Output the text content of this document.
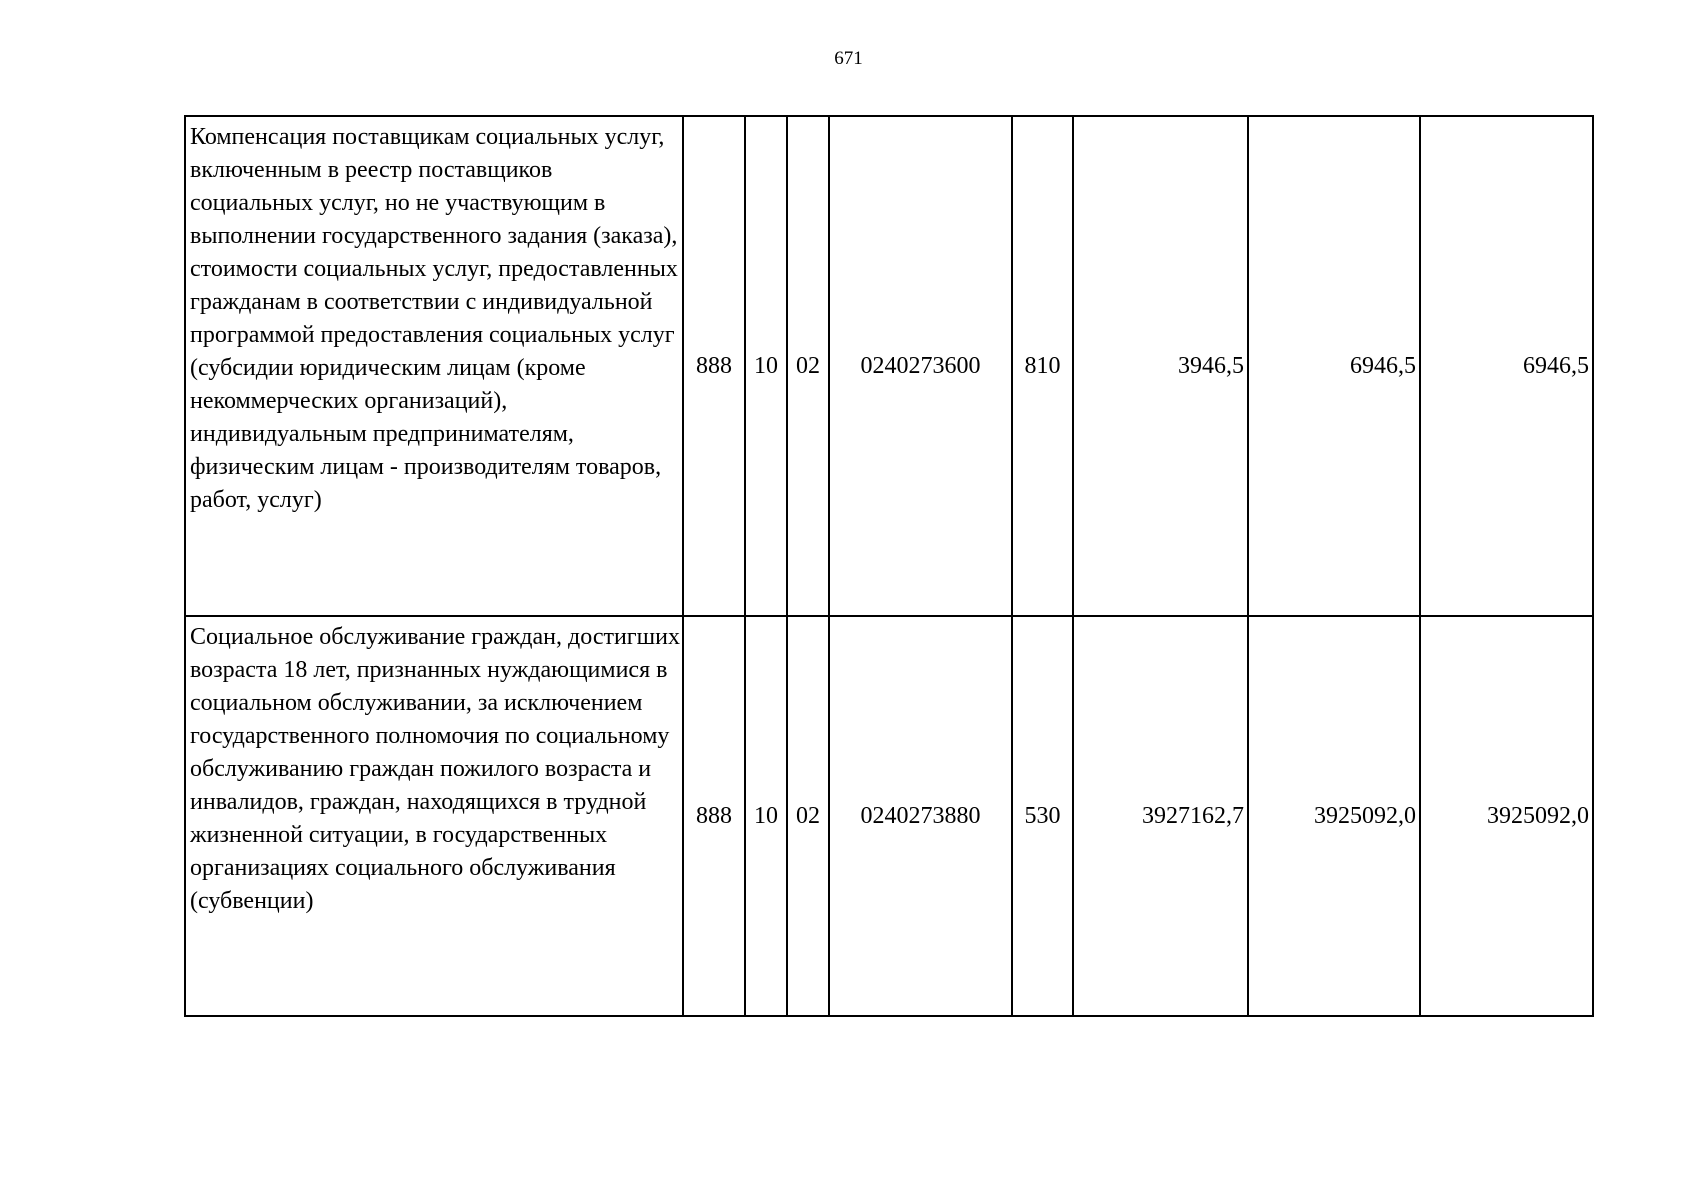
671
Компенсация поставщикам социальных услуг, включенным в реестр поставщиков социальных услуг, но не участвующим в выполнении государственного задания (заказа), стоимости социальных услуг, предоставленных гражданам в соответствии с индивидуальной программой предоставления социальных услуг (субсидии юридическим лицам (кроме некоммерческих организаций), индивидуальным предпринимателям, физическим лицам - производителям товаров, работ, услуг)	888	10	02	0240273600	810	3946,5	6946,5	6946,5
Социальное обслуживание граждан, достигших возраста 18 лет, признанных нуждающимися в социальном обслуживании, за исключением государственного полномочия по социальному обслуживанию граждан пожилого возраста и инвалидов, граждан, находящихся в трудной жизненной ситуации, в государственных организациях социального обслуживания (субвенции)	888	10	02	0240273880	530	3927162,7	3925092,0	3925092,0
